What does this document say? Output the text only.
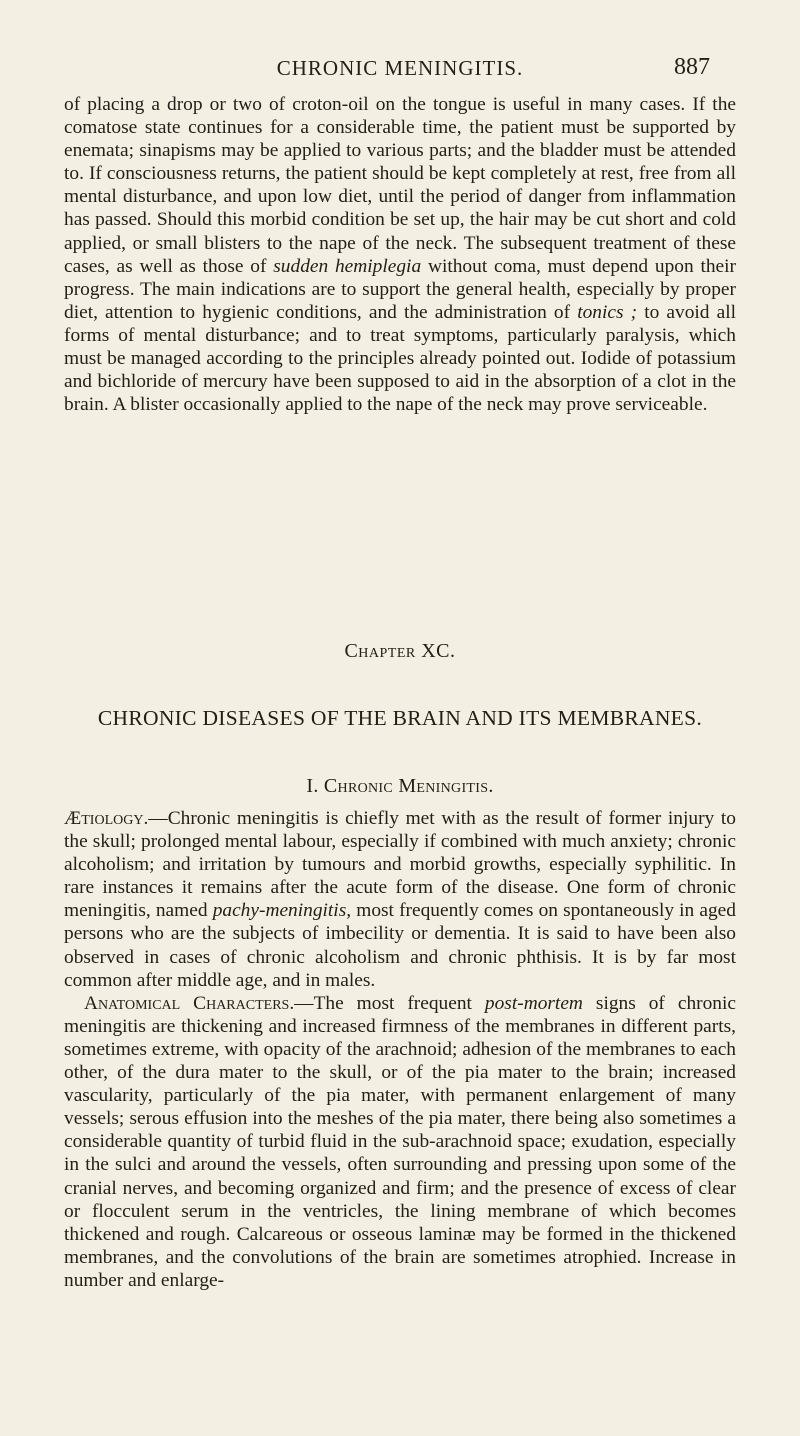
CHRONIC MENINGITIS.	887

of placing a drop or two of croton-oil on the tongue is useful in many cases. If the comatose state continues for a considerable time, the patient must be supported by enemata; sinapisms may be applied to various parts; and the bladder must be attended to. If consciousness returns, the patient should be kept completely at rest, free from all mental disturbance, and upon low diet, until the period of danger from inflammation has passed. Should this morbid condition be set up, the hair may be cut short and cold applied, or small blisters to the nape of the neck. The subsequent treatment of these cases, as well as those of sudden hemiplegia without coma, must depend upon their progress. The main indications are to support the general health, especially by proper diet, attention to hygienic conditions, and the administration of tonics ; to avoid all forms of mental disturbance; and to treat symptoms, particularly paralysis, which must be managed according to the principles already pointed out. Iodide of potassium and bichloride of mercury have been supposed to aid in the absorption of a clot in the brain. A blister occasionally applied to the nape of the neck may prove serviceable.

Chapter XC.
CHRONIC DISEASES OF THE BRAIN AND ITS MEMBRANES.
I. Chronic Meningitis.

Ætiology.—Chronic meningitis is chiefly met with as the result of former injury to the skull; prolonged mental labour, especially if combined with much anxiety; chronic alcoholism; and irritation by tumours and morbid growths, especially syphilitic. In rare instances it remains after the acute form of the disease. One form of chronic meningitis, named pachy-meningitis, most frequently comes on spontaneously in aged persons who are the subjects of imbecility or dementia. It is said to have been also observed in cases of chronic alcoholism and chronic phthisis. It is by far most common after middle age, and in males.

Anatomical Characters.—The most frequent post-mortem signs of chronic meningitis are thickening and increased firmness of the membranes in different parts, sometimes extreme, with opacity of the arachnoid; adhesion of the membranes to each other, of the dura mater to the skull, or of the pia mater to the brain; increased vascularity, particularly of the pia mater, with permanent enlargement of many vessels; serous effusion into the meshes of the pia mater, there being also sometimes a considerable quantity of turbid fluid in the sub-arachnoid space; exudation, especially in the sulci and around the vessels, often surrounding and pressing upon some of the cranial nerves, and becoming organized and firm; and the presence of excess of clear or flocculent serum in the ventricles, the lining membrane of which becomes thickened and rough. Calcareous or osseous laminæ may be formed in the thickened membranes, and the convolutions of the brain are sometimes atrophied. Increase in number and enlarge-
